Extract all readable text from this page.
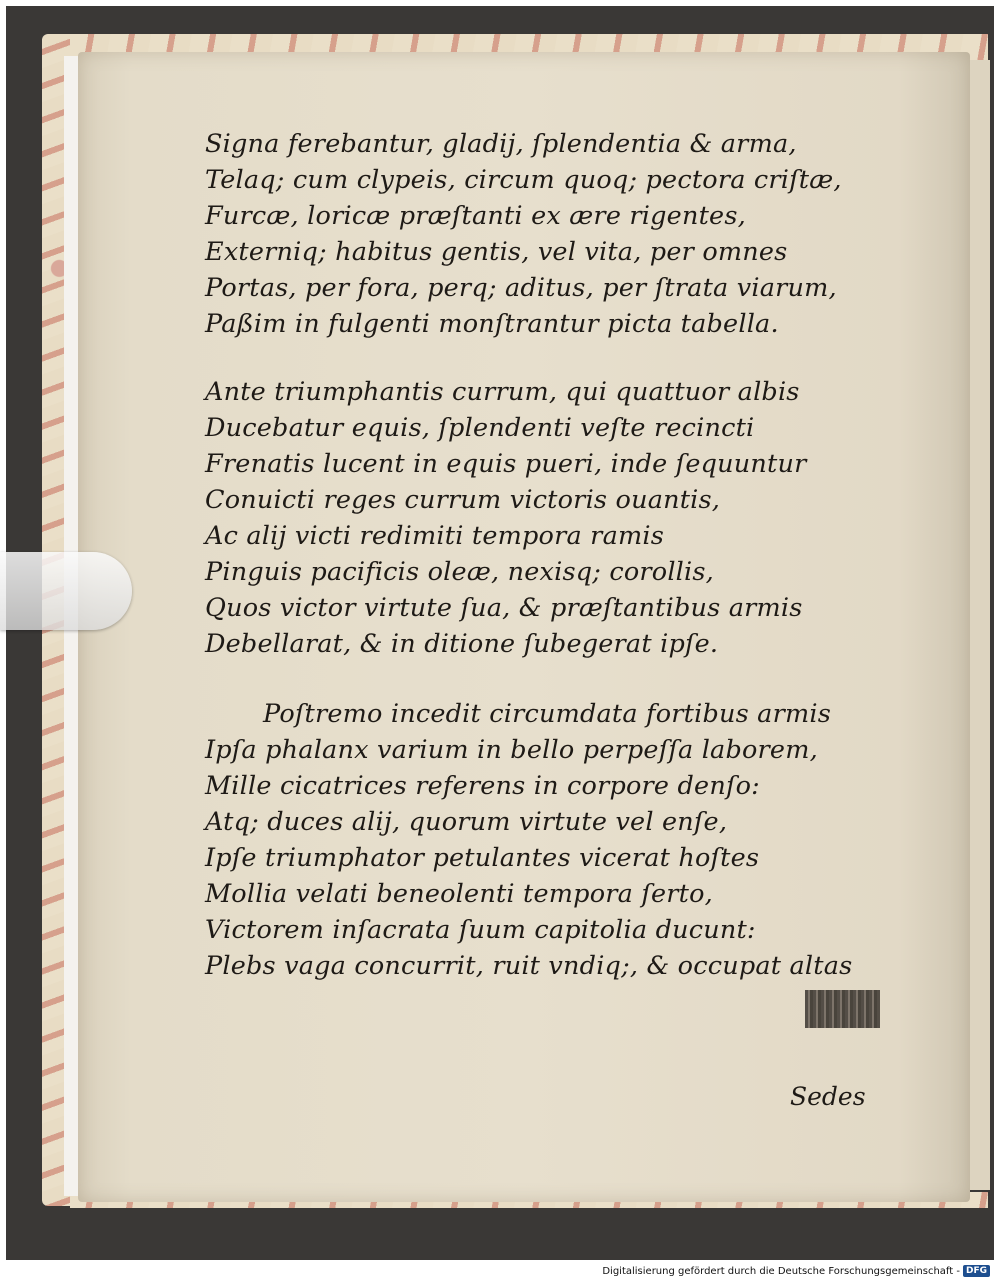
Signa ferebantur, gladij, ſplendentia & arma,
Telaq; cum clypeis, circum quoq; pectora criſtæ,
Furcæ, loricæ præſtanti ex ære rigentes,
Externiq; habitus gentis, vel vita, per omnes
Portas, per fora, perq; aditus, per ſtrata viarum,
Paßim in fulgenti monſtrantur picta tabella.
Ante triumphantis currum, qui quattuor albis
Ducebatur equis, ſplendenti veſte recincti
Frenatis lucent in equis pueri, inde ſequuntur
Conuicti reges currum victoris ouantis,
Ac alij victi redimiti tempora ramis
Pinguis pacificis oleæ, nexisq; corollis,
Quos victor virtute ſua, & præſtantibus armis
Debellarat, & in ditione ſubegerat ipſe.
Poſtremo incedit circumdata fortibus armis
Ipſa phalanx varium in bello perpeſſa laborem,
Mille cicatrices referens in corpore denſo:
Atq; duces alij, quorum virtute vel enſe,
Ipſe triumphator petulantes vicerat hoſtes
Mollia velati beneolenti tempora ſerto,
Victorem inſacrata ſuum capitolia ducunt:
Plebs vaga concurrit, ruit vndiq;, & occupat altas
Sedes
Digitalisierung gefördert durch die Deutsche Forschungsgemeinschaft - DFG
